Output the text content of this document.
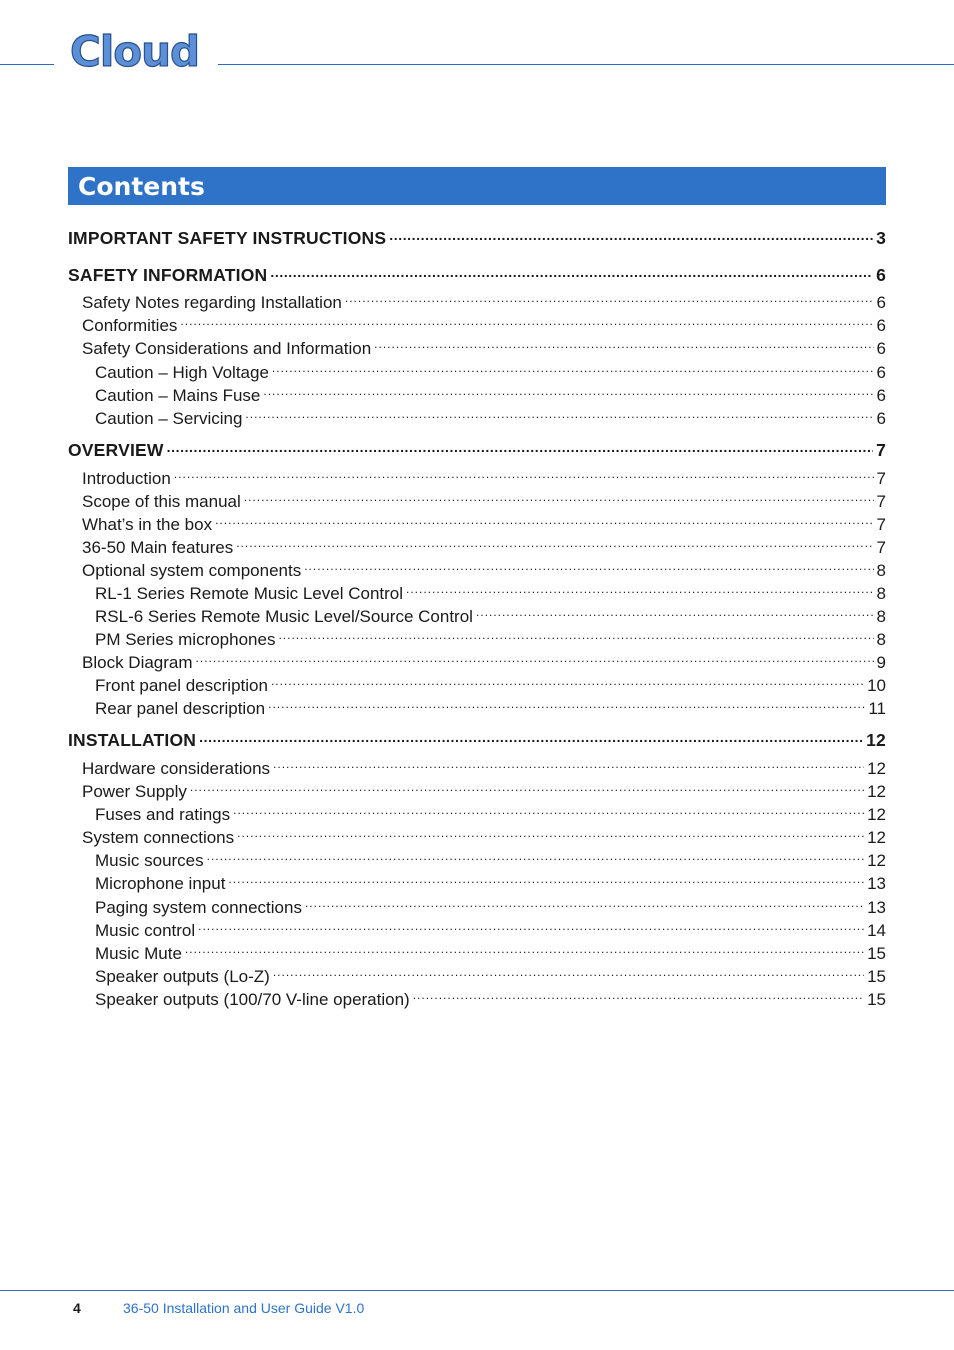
Cloud
Contents
IMPORTANT SAFETY INSTRUCTIONS .....	3
SAFETY INFORMATION .....	6
Safety Notes regarding Installation .....	6
Conformities .....	6
Safety Considerations and Information .....	6
Caution – High Voltage .....	6
Caution – Mains Fuse .....	6
Caution – Servicing .....	6
OVERVIEW .....	7
Introduction .....	7
Scope of this manual .....	7
What’s in the box .....	7
36-50 Main features .....	7
Optional system components .....	8
RL-1 Series Remote Music Level Control .....	8
RSL-6 Series Remote Music Level/Source Control .....	8
PM Series microphones .....	8
Block Diagram .....	9
Front panel description .....	10
Rear panel description .....	11
INSTALLATION .....	12
Hardware considerations .....	12
Power Supply .....	12
Fuses and ratings .....	12
System connections .....	12
Music sources .....	12
Microphone input .....	13
Paging system connections .....	13
Music control .....	14
Music Mute .....	15
Speaker outputs (Lo-Z) .....	15
Speaker outputs (100/70 V-line operation) .....	15
4	36-50 Installation and User Guide V1.0
